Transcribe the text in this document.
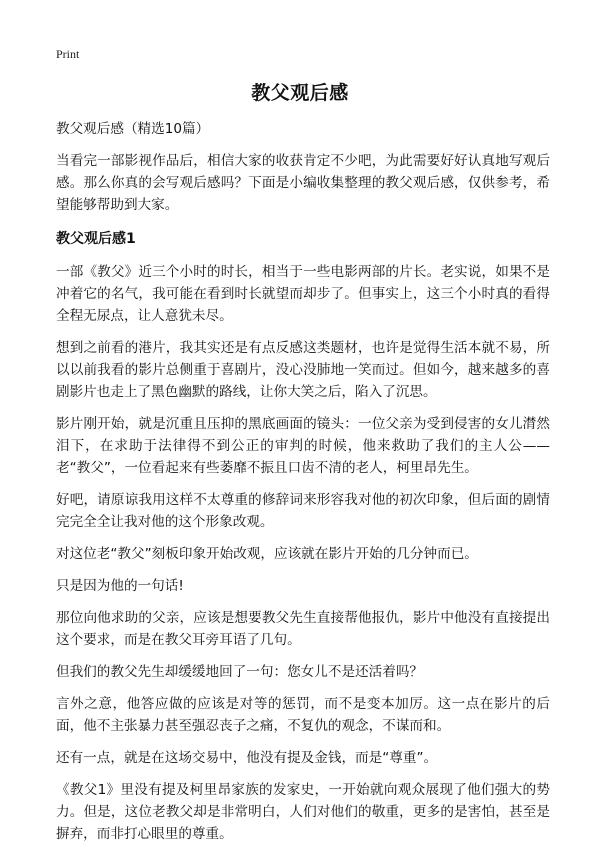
Print
教父观后感

教父观后感（精选10篇）

当看完一部影视作品后，相信大家的收获肯定不少吧，为此需要好好认真地写观后感。那么你真的会写观后感吗？下面是小编收集整理的教父观后感，仅供参考，希望能够帮助到大家。

教父观后感1

一部《教父》近三个小时的时长，相当于一些电影两部的片长。老实说，如果不是冲着它的名气，我可能在看到时长就望而却步了。但事实上，这三个小时真的看得全程无尿点，让人意犹未尽。

想到之前看的港片，我其实还是有点反感这类题材，也许是觉得生活本就不易，所以以前我看的影片总侧重于喜剧片，没心没肺地一笑而过。但如今，越来越多的喜剧影片也走上了黑色幽默的路线，让你大笑之后，陷入了沉思。

影片刚开始，就是沉重且压抑的黑底画面的镜头：一位父亲为受到侵害的女儿潸然泪下，在求助于法律得不到公正的审判的时候，他来救助了我们的主人公——老“教父”，一位看起来有些萎靡不振且口齿不清的老人，柯里昂先生。

好吧，请原谅我用这样不太尊重的修辞词来形容我对他的初次印象，但后面的剧情完完全全让我对他的这个形象改观。

对这位老“教父”刻板印象开始改观，应该就在影片开始的几分钟而已。

只是因为他的一句话!

那位向他求助的父亲，应该是想要教父先生直接帮他报仇，影片中他没有直接提出这个要求，而是在教父耳旁耳语了几句。

但我们的教父先生却缓缓地回了一句：您女儿不是还活着吗？

言外之意，他答应做的应该是对等的惩罚，而不是变本加厉。这一点在影片的后面，他不主张暴力甚至强忍丧子之痛，不复仇的观念，不谋而和。

还有一点，就是在这场交易中，他没有提及金钱，而是“尊重”。

《教父1》里没有提及柯里昂家族的发家史，一开始就向观众展现了他们强大的势力。但是，这位老教父却是非常明白，人们对他们的敬重，更多的是害怕，甚至是摒弃，而非打心眼里的尊重。
